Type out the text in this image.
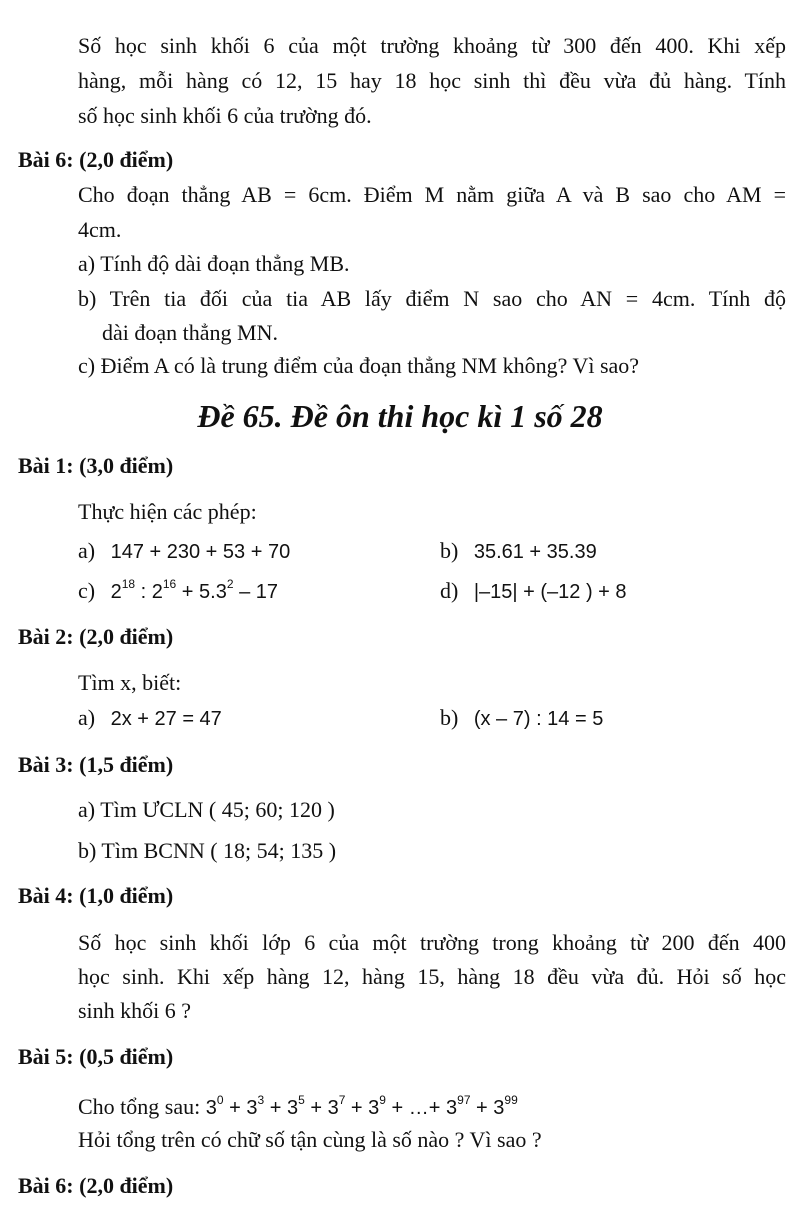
Số học sinh khối 6 của một trường khoảng từ 300 đến 400. Khi xếp
hàng, mỗi hàng có 12, 15 hay 18 học sinh thì đều vừa đủ hàng. Tính
số học sinh khối 6 của trường đó.
Bài 6: (2,0 điểm)
Cho đoạn thẳng AB = 6cm. Điểm M nằm giữa A và B sao cho AM =
4cm.
a) Tính độ dài đoạn thẳng MB.
b) Trên tia đối của tia AB lấy điểm N sao cho AN = 4cm. Tính độ
dài đoạn thẳng MN.
c) Điểm A có là trung điểm của đoạn thẳng NM không? Vì sao?
Đề 65. Đề ôn thi học kì 1 số 28
Bài 1: (3,0 điểm)
Thực hiện các phép:
a) 147 + 230 + 53 + 70	b) 35.61 + 35.39
c) $2^{18}$ : $2^{16} + 5.3^2 - 17$	d) |–15| + (–12 ) + 8
Bài 2: (2,0 điểm)
Tìm x, biết:
a) 2x + 27 = 47	b) (x – 7) : 14 = 5
Bài 3: (1,5 điểm)
a) Tìm ƯCLN ( 45; 60; 120 )
b) Tìm BCNN ( 18; 54; 135 )
Bài 4: (1,0 điểm)
Số học sinh khối lớp 6 của một trường trong khoảng từ 200 đến 400
học sinh. Khi xếp hàng 12, hàng 15, hàng 18 đều vừa đủ. Hỏi số học
sinh khối 6 ?
Bài 5: (0,5 điểm)
Cho tổng sau: $3^0 + 3^3 + 3^5 + 3^7 + 3^9$ + …+ $3^{97} + 3^{99}$
Hỏi tổng trên có chữ số tận cùng là số nào ? Vì sao ?
Bài 6: (2,0 điểm)
